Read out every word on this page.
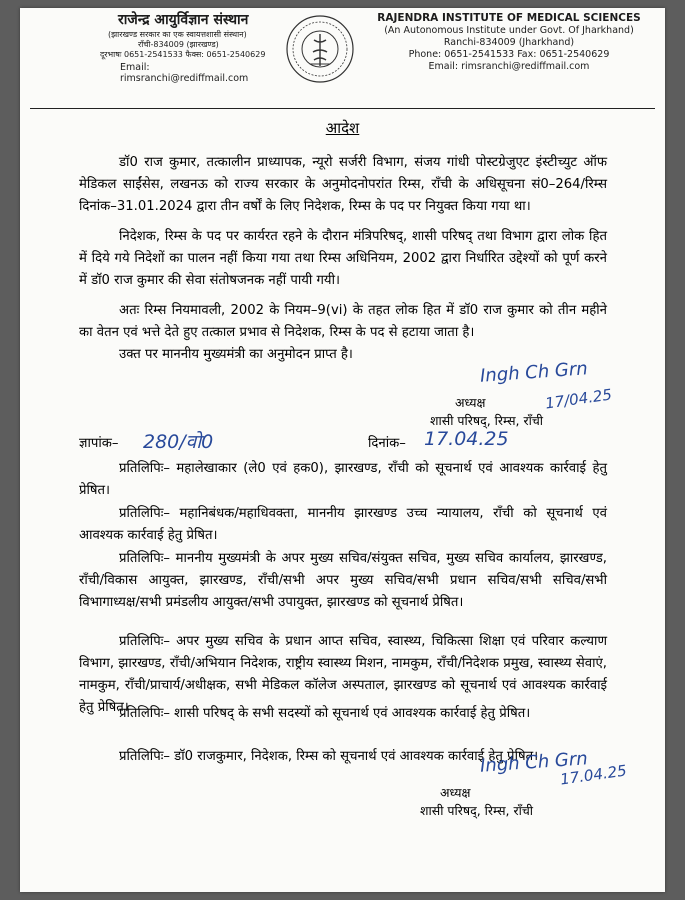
राजेन्द्र आयुर्विज्ञान संस्थान
(झारखण्ड सरकार का एक स्वायत्तशासी संस्थान)
राँची-834009 (झारखण्ड)
दूरभाषः 0651-2541533 फैक्स: 0651-2540629
Email: rimsranchi@rediffmail.com
RAJENDRA INSTITUTE OF MEDICAL SCIENCES
(An Autonomous Institute under Govt. Of Jharkhand)
Ranchi-834009 (Jharkhand)
Phone: 0651-2541533 Fax: 0651-2540629
Email: rimsranchi@rediffmail.com
आदेश
डॉ0 राज कुमार, तत्कालीन प्राध्यापक, न्यूरो सर्जरी विभाग, संजय गांधी पोस्टग्रेजुएट इंस्टीच्युट ऑफ मेडिकल साईंसेस, लखनऊ को राज्य सरकार के अनुमोदनोपरांत रिम्स, राँची के अधिसूचना सं0–264/रिम्स दिनांक–31.01.2024 द्वारा तीन वर्षों के लिए निदेशक, रिम्स के पद पर नियुक्त किया गया था।
निदेशक, रिम्स के पद पर कार्यरत रहने के दौरान मंत्रिपरिषद्, शासी परिषद् तथा विभाग द्वारा लोक हित में दिये गये निदेशों का पालन नहीं किया गया तथा रिम्स अधिनियम, 2002 द्वारा निर्धारित उद्देश्यों को पूर्ण करने में डॉ0 राज कुमार की सेवा संतोषजनक नहीं पायी गयी।
अतः रिम्स नियमावली, 2002 के नियम–9(vi) के तहत लोक हित में डॉ0 राज कुमार को तीन महीने का वेतन एवं भत्ते देते हुए तत्काल प्रभाव से निदेशक, रिम्स के पद से हटाया जाता है।
उक्त पर माननीय मुख्यमंत्री का अनुमोदन प्राप्त है।
Ingh Ch Grn
17/04.25
अध्यक्ष
शासी परिषद्, रिम्स, राँची
ज्ञापांक– 280/वो0	दिनांक– 17.04.25
प्रतिलिपिः– महालेखाकार (ले0 एवं हक0), झारखण्ड, राँची को सूचनार्थ एवं आवश्यक कार्रवाई हेतु प्रेषित।
प्रतिलिपिः– महानिबंधक/महाधिवक्ता, माननीय झारखण्ड उच्च न्यायालय, राँची को सूचनार्थ एवं आवश्यक कार्रवाई हेतु प्रेषित।
प्रतिलिपिः– माननीय मुख्यमंत्री के अपर मुख्य सचिव/संयुक्त सचिव, मुख्य सचिव कार्यालय, झारखण्ड, राँची/विकास आयुक्त, झारखण्ड, राँची/सभी अपर मुख्य सचिव/सभी प्रधान सचिव/सभी सचिव/सभी विभागाध्यक्ष/सभी प्रमंडलीय आयुक्त/सभी उपायुक्त, झारखण्ड को सूचनार्थ प्रेषित।
प्रतिलिपिः– अपर मुख्य सचिव के प्रधान आप्त सचिव, स्वास्थ्य, चिकित्सा शिक्षा एवं परिवार कल्याण विभाग, झारखण्ड, राँची/अभियान निदेशक, राष्ट्रीय स्वास्थ्य मिशन, नामकुम, राँची/निदेशक प्रमुख, स्वास्थ्य सेवाएं, नामकुम, राँची/प्राचार्य/अधीक्षक, सभी मेडिकल कॉलेज अस्पताल, झारखण्ड को सूचनार्थ एवं आवश्यक कार्रवाई हेतु प्रेषित।
प्रतिलिपिः– शासी परिषद् के सभी सदस्यों को सूचनार्थ एवं आवश्यक कार्रवाई हेतु प्रेषित।
प्रतिलिपिः– डॉ0 राजकुमार, निदेशक, रिम्स को सूचनार्थ एवं आवश्यक कार्रवाई हेतु प्रेषित।
Ingh Ch Grn
17.04.25
अध्यक्ष
शासी परिषद्, रिम्स, राँची
